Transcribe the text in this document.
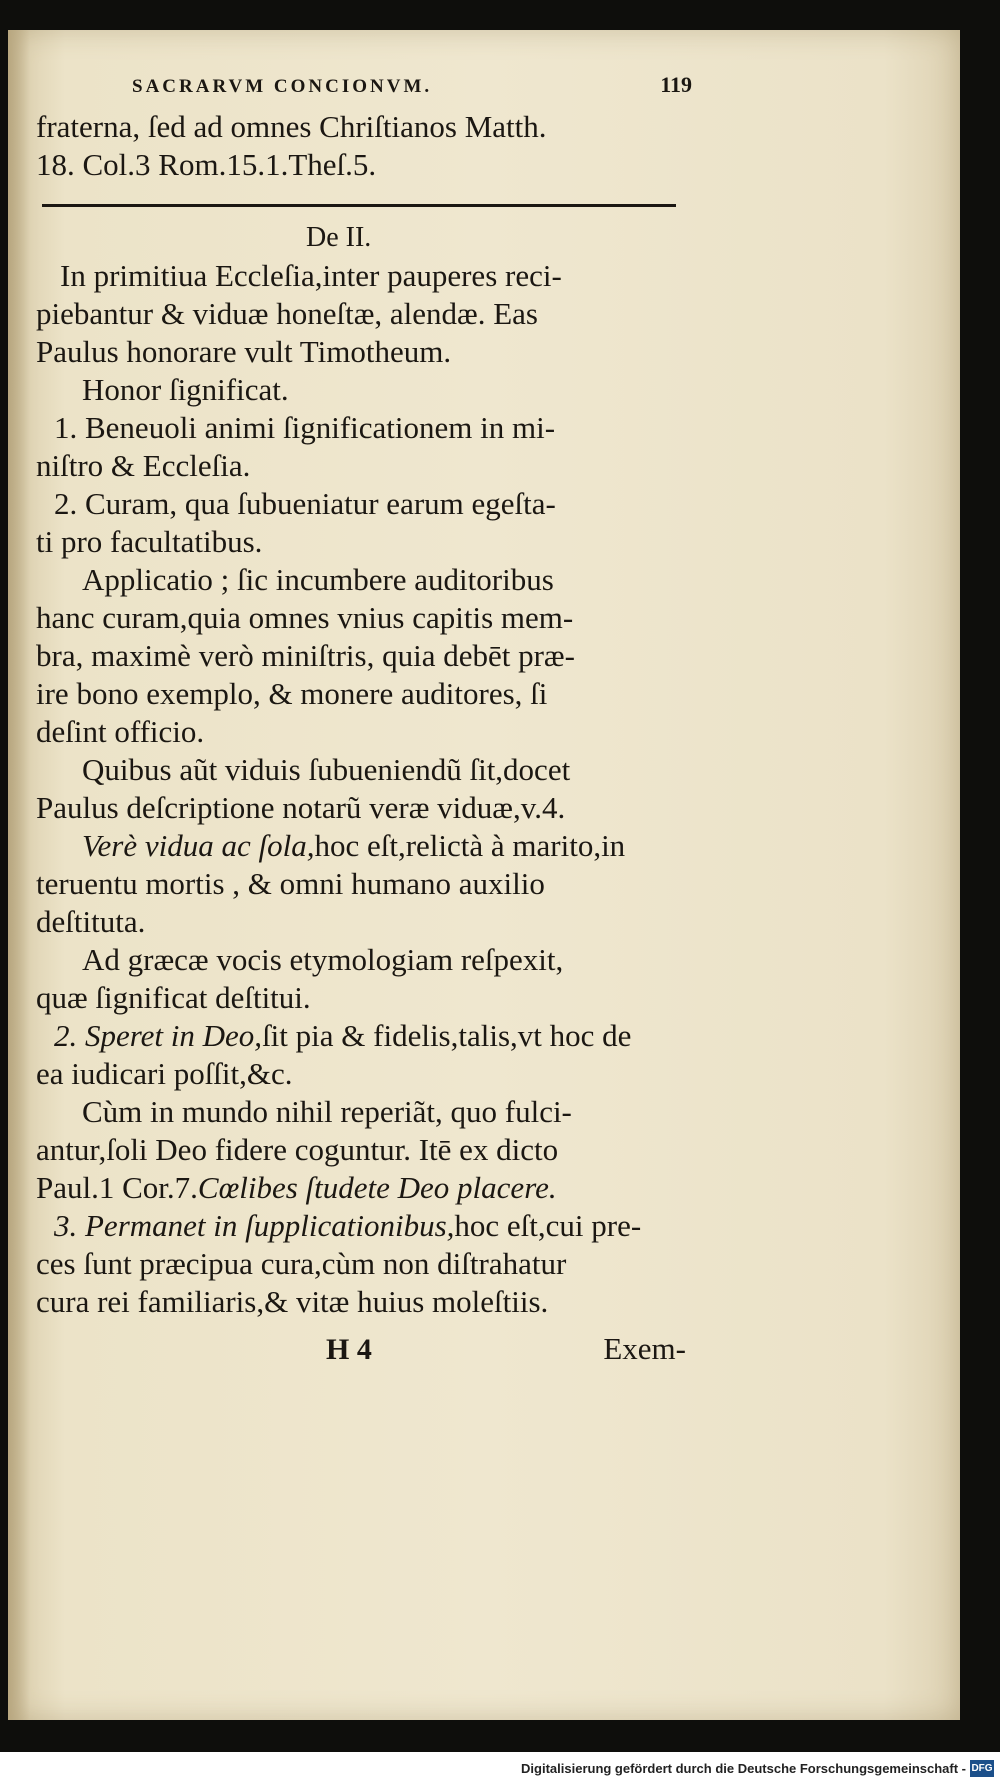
SACRARVM CONCIONVM.	119
fraterna, ſed ad omnes Chriſtianos Matth.
18. Col.3 Rom.15.1.Theſ.5.
De II.
In primitiua Eccleſia,inter pauperes reci-
piebantur & viduæ honeſtæ, alendæ. Eas
Paulus honorare vult Timotheum.
Honor ſignificat.
1. Beneuoli animi ſignificationem in mi-
niſtro & Eccleſia.
2. Curam, qua ſubueniatur earum egeſta-
ti pro facultatibus.
Applicatio ; ſic incumbere auditoribus
hanc curam,quia omnes vnius capitis mem-
bra, maximè verò miniſtris, quia debēt præ-
ire bono exemplo, & monere auditores, ſi
deſint officio.
Quibus aũt viduis ſubueniendũ ſit,docet
Paulus deſcriptione notarũ veræ viduæ,v.4.
Verè vidua ac ſola,hoc eſt,relictà à marito,in
teruentu mortis , & omni humano auxilio
deſtituta.
Ad græcæ vocis etymologiam reſpexit,
quæ ſignificat deſtitui.
2. Speret in Deo,ſit pia & fidelis,talis,vt hoc de
ea iudicari poſſit,&c.
Cùm in mundo nihil reperiãt, quo fulci-
antur,ſoli Deo fidere coguntur. Itē ex dicto
Paul.1 Cor.7.Cœlibes ſtudete Deo placere.
3. Permanet in ſupplicationibus,hoc eſt,cui pre-
ces ſunt præcipua cura,cùm non diſtrahatur
cura rei familiaris,& vitæ huius moleſtiis.
H 4	Exem-
Digitalisierung gefördert durch die Deutsche Forschungsgemeinschaft - DFG
